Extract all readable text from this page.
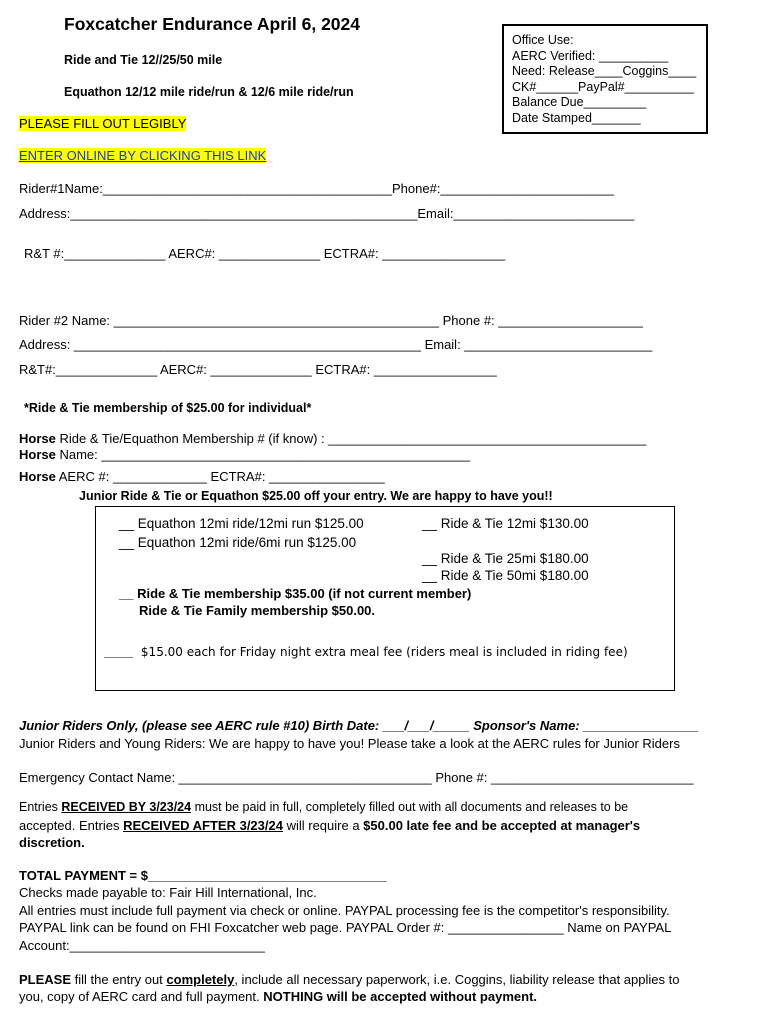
Foxcatcher Endurance April 6, 2024
Ride and Tie 12//25/50 mile
Equathon 12/12 mile ride/run & 12/6 mile ride/run
PLEASE FILL OUT LEGIBLY
ENTER ONLINE BY CLICKING THIS LINK
Office Use:
AERC Verified: __________
Need: Release____Coggins____
CK#______PayPal#__________
Balance Due_________
Date Stamped_______
Rider#1Name:________________________________________Phone#:________________________
Address:________________________________________________Email:_________________________
R&T #:______________ AERC#: ______________ ECTRA#: _________________
Rider #2 Name: _____________________________________________ Phone #: ____________________
Address: ________________________________________________ Email: __________________________
R&T#:______________ AERC#: ______________ ECTRA#: _________________
*Ride & Tie membership of $25.00 for individual*
Horse Ride & Tie/Equathon Membership # (if know) : ____________________________________________
Horse Name: ___________________________________________________
Horse AERC #: _____________ ECTRA#: ________________
Junior Ride & Tie or Equathon $25.00 off your entry. We are happy to have you!!
__ Equathon 12mi ride/12mi run $125.00
__ Equathon 12mi ride/6mi run $125.00
__ Ride & Tie 12mi $130.00
__ Ride & Tie 25mi $180.00
__ Ride & Tie 50mi $180.00
__ Ride & Tie membership $35.00 (if not current member)
Ride & Tie Family membership $50.00.
____ $15.00 each for Friday night extra meal fee (riders meal is included in riding fee)
Junior Riders Only, (please see AERC rule #10) Birth Date: ___/___/_____ Sponsor's Name: ________________
Junior Riders and Young Riders: We are happy to have you! Please take a look at the AERC rules for Junior Riders
Emergency Contact Name: ___________________________________ Phone #: ____________________________
Entries RECEIVED BY 3/23/24 must be paid in full, completely filled out with all documents and releases to be
accepted. Entries RECEIVED AFTER 3/23/24 will require a $50.00 late fee and be accepted at manager's
discretion.
TOTAL PAYMENT = $_________________________________
Checks made payable to: Fair Hill International, Inc.
All entries must include full payment via check or online. PAYPAL processing fee is the competitor's responsibility.
PAYPAL link can be found on FHI Foxcatcher web page. PAYPAL Order #: ________________ Name on PAYPAL
Account:___________________________
PLEASE fill the entry out completely, include all necessary paperwork, i.e. Coggins, liability release that applies to
you, copy of AERC card and full payment. NOTHING will be accepted without payment.
